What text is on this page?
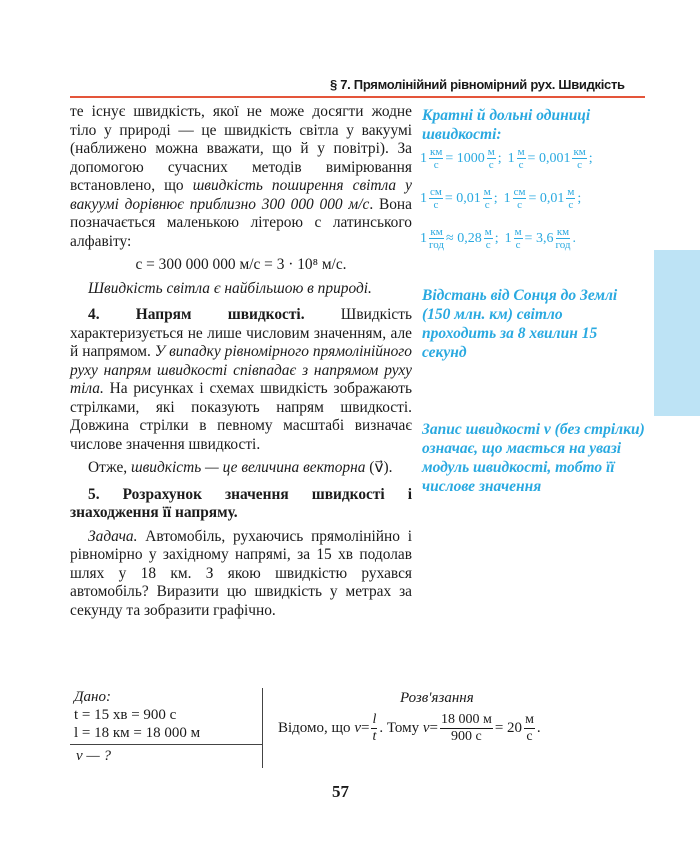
§ 7. Прямолінійний рівномірний рух. Швидкість

те існує швидкість, якої не може досягти жодне тіло у природі — це швидкість світла у вакуумі (наближено можна вважати, що й у повітрі). За допомогою сучасних методів вимірювання встановлено, що швидкість поширення світла у вакуумі дорівнює приблизно 300 000 000 м/с. Вона позначається маленькою літерою c латинського алфавіту:

c = 300 000 000 м/с = 3 · 10⁸ м/с.

Швидкість світла є найбільшою в природі.

4. Напрям швидкості. Швидкість характеризується не лише числовим значенням, але й напрямом. У випадку рівномірного прямолінійного руху напрям швидкості співпадає з напрямом руху тіла. На рисунках і схемах швидкість зображають стрілками, які показують напрям швидкості. Довжина стрілки в певному масштабі визначає числове значення швидкості.

Отже, швидкість — це величина векторна (v⃗).

5. Розрахунок значення швидкості і знаходження її напряму.

Задача. Автомобіль, рухаючись прямолінійно і рівномірно у західному напрямі, за 15 хв подолав шлях у 18 км. З якою швидкістю рухався автомобіль? Виразити цю швидкість у метрах за секунду та зобразити графічно.

Кратні й дольні одиниці швидкості:
$1 \frac{км}{с} = 1000 \frac{м}{с}$ ; $1 \frac{м}{с} = 0,001 \frac{км}{с}$ ;
$1 \frac{см}{с} = 0,01 \frac{м}{с}$ ; $1 \frac{см}{с} = 0,01 \frac{м}{с}$ ;
$1 \frac{км}{\text{год}} \approx 0,28 \frac{м}{с}$ ; $1 \frac{м}{с} = 3,6 \frac{км}{\text{год}}$ .
Відстань від Сонця до Землі (150 млн. км) світло проходить за 8 хвилин 15 секунд
Запис швидкості v (без стрілки) означає, що мається на увазі модуль швидкості, тобто її числове значення
Дано:
t = 15 хв = 900 с
l = 18 км = 18 000 м
v — ?
Розв'язання
Відомо, що
$v = \frac{l}{t}$ . Тому
$v = \frac{18 000 м}{900 с} = 20 \frac{м}{с}$ .
57
